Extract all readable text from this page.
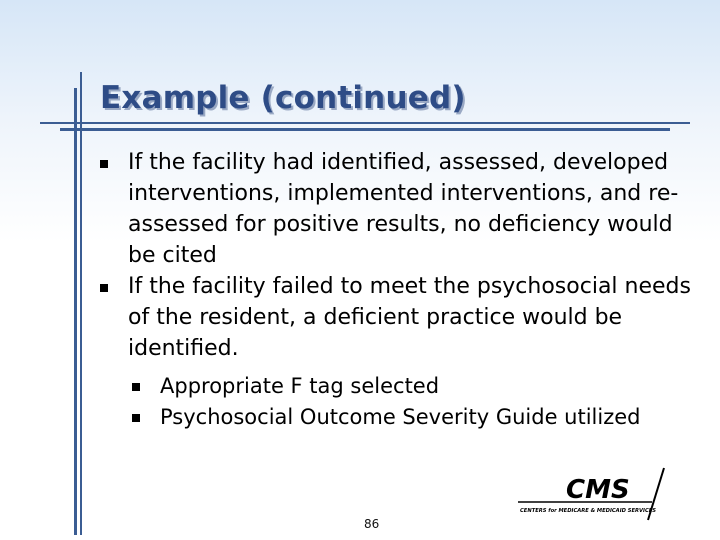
Example (continued)
If the facility had identified, assessed, developed interventions, implemented interventions, and re-assessed for positive results, no deficiency would be cited
If the facility failed to meet the psychosocial needs of the resident, a deficient practice would be identified.
Appropriate F tag selected
Psychosocial Outcome Severity Guide utilized
86
CMS
CENTERS for MEDICARE & MEDICAID SERVICES
